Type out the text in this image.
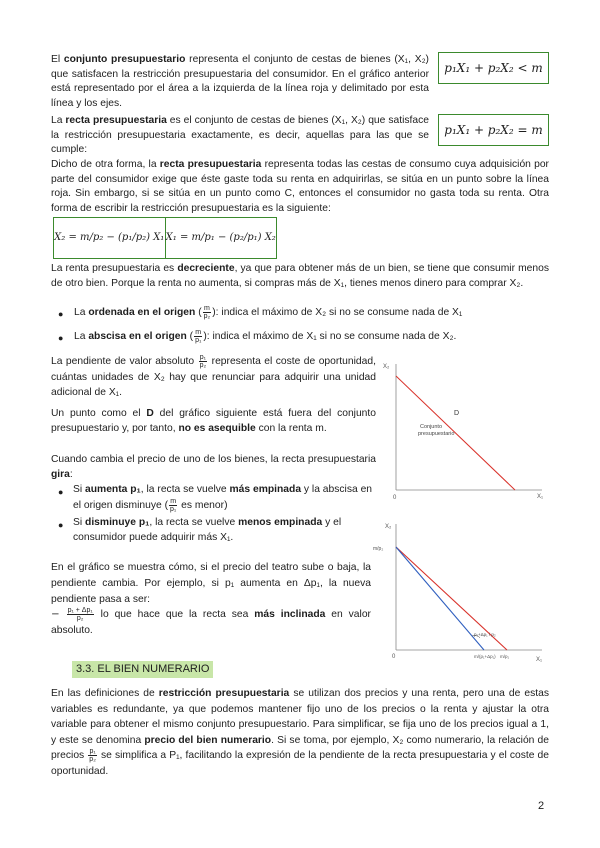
p₁X₁ + p₂X₂ < m
p₁X₁ + p₂X₂ = m
El conjunto presupuestario representa el conjunto de cestas de bienes (X₁, X₂) que satisfacen la restricción presupuestaria del consumidor. En el gráfico anterior está representado por el área a la izquierda de la línea roja y delimitado por esta línea y los ejes.
La recta presupuestaria es el conjunto de cestas de bienes (X₁, X₂) que satisface la restricción presupuestaria exactamente, es decir, aquellas para las que se cumple:
Dicho de otra forma, la recta presupuestaria representa todas las cestas de consumo cuya adquisición por parte del consumidor exige que éste gaste toda su renta en adquirirlas, se sitúa en un punto sobre la línea roja. Sin embargo, si se sitúa en un punto como C, entonces el consumidor no gasta toda su renta. Otra forma de escribir la restricción presupuestaria es la siguiente:
X₂ = m/p₂ − (p₁/p₂) X₁ X₁ = m/p₁ − (p₂/p₁) X₂
La renta presupuestaria es decreciente, ya que para obtener más de un bien, se tiene que consumir menos de otro bien. Porque la renta no aumenta, si compras más de X₁, tienes menos dinero para comprar X₂.
● La ordenada en el origen ( $\frac{m}{\text{p₂}}$ ): indica el máximo de X₂ si no se consume nada de X₁
● La abscisa en el origen ( $\frac{m}{\text{p₁}}$ ): indica el máximo de X₁ si no se consume nada de X₂.
La pendiente de valor absoluto $\frac{\text{p₁}}{\text{p₂}}$ representa el coste de oportunidad, cuántas unidades de X₂ hay que renunciar para adquirir una unidad adicional de X₁.
Un punto como el D del gráfico siguiente está fuera del conjunto presupuestario y, por tanto, no es asequible con la renta m.
Cuando cambia el precio de uno de los bienes, la recta presupuestaria gira:
● Si aumenta p₁, la recta se vuelve más empinada y la abscisa en el origen disminuye ( $\frac{m}{\text{p₁}}$ es menor)
● Si disminuye p₁, la recta se vuelve menos empinada y el consumidor puede adquirir más X₁.
En el gráfico se muestra cómo, si el precio del teatro sube o baja, la pendiente cambia. Por ejemplo, si p₁ aumenta en Δp₁, la nueva pendiente pasa a ser:
− $\frac{\text{p₁ + Δp₁}}{\text{p₂}}$ lo que hace que la recta sea más inclinada en valor absoluto.
3.3. EL BIEN NUMERARIO
En las definiciones de restricción presupuestaria se utilizan dos precios y una renta, pero una de estas variables es redundante, ya que podemos mantener fijo uno de los precios o la renta y ajustar la otra variable para obtener el mismo conjunto presupuestario. Para simplificar, se fija uno de los precios igual a 1, y este se denomina precio del bien numerario. Si se toma, por ejemplo, X₂ como numerario, la relación de precios $\frac{\text{p₁}}{\text{p₂}}$ se simplifica a P₁, facilitando la expresión de la pendiente de la recta presupuestaria y el coste de oportunidad.
X₂
X₁
0
D
Conjunto
presupuestario
X₂
X₁
0
m/p₂
p₁+Δp₁ / p₂
m/(p₁+Δp₁) m/p₁
2
